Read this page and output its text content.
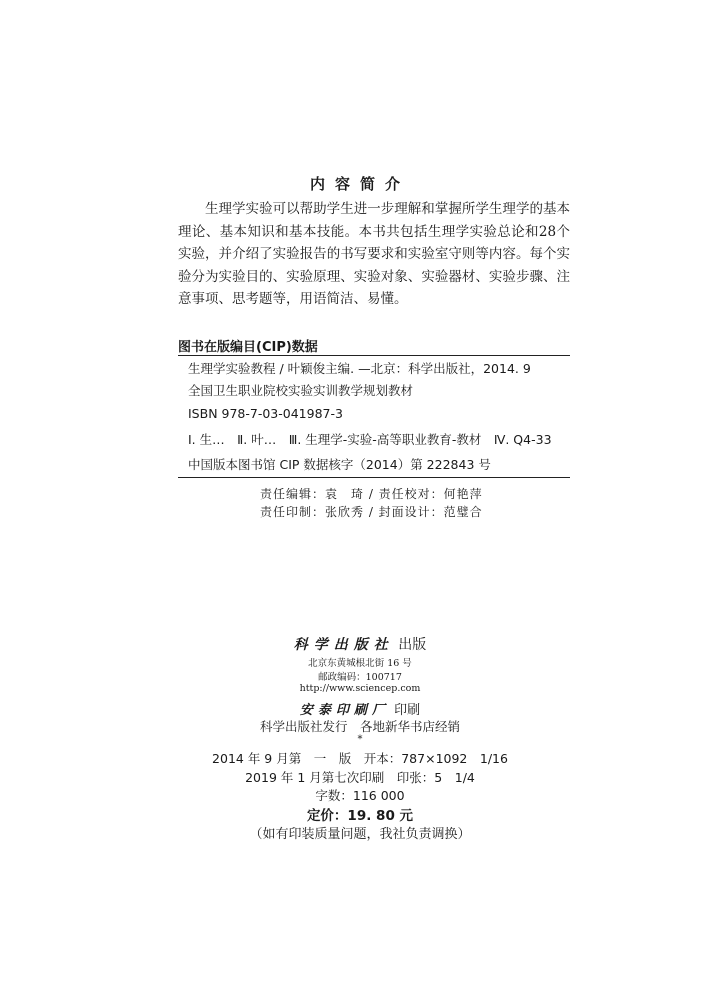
内容简介
生理学实验可以帮助学生进一步理解和掌握所学生理学的基本理论、基本知识和基本技能。本书共包括生理学实验总论和28个实验，并介绍了实验报告的书写要求和实验室守则等内容。每个实验分为实验目的、实验原理、实验对象、实验器材、实验步骤、注意事项、思考题等，用语简洁、易懂。
图书在版编目(CIP)数据
生理学实验教程 / 叶颖俊主编. —北京：科学出版社，2014. 9
全国卫生职业院校实验实训教学规划教材
ISBN 978-7-03-041987-3
Ⅰ. 生…　Ⅱ. 叶…　Ⅲ. 生理学-实验-高等职业教育-教材　Ⅳ. Q4-33
中国版本图书馆 CIP 数据核字（2014）第 222843 号
责任编辑：袁　琦 / 责任校对：何艳萍
责任印制：张欣秀 / 封面设计：范璧合
科学出版社 出版
北京东黄城根北街 16 号
邮政编码：100717
http://www.sciencep.com
安泰印刷厂 印刷
科学出版社发行　各地新华书店经销
*
2014 年 9 月第　一　版　开本：787×1092　1/16
2019 年 1 月第七次印刷　印张：5　1/4
字数：116 000
定价：19. 80 元
（如有印装质量问题，我社负责调换）
